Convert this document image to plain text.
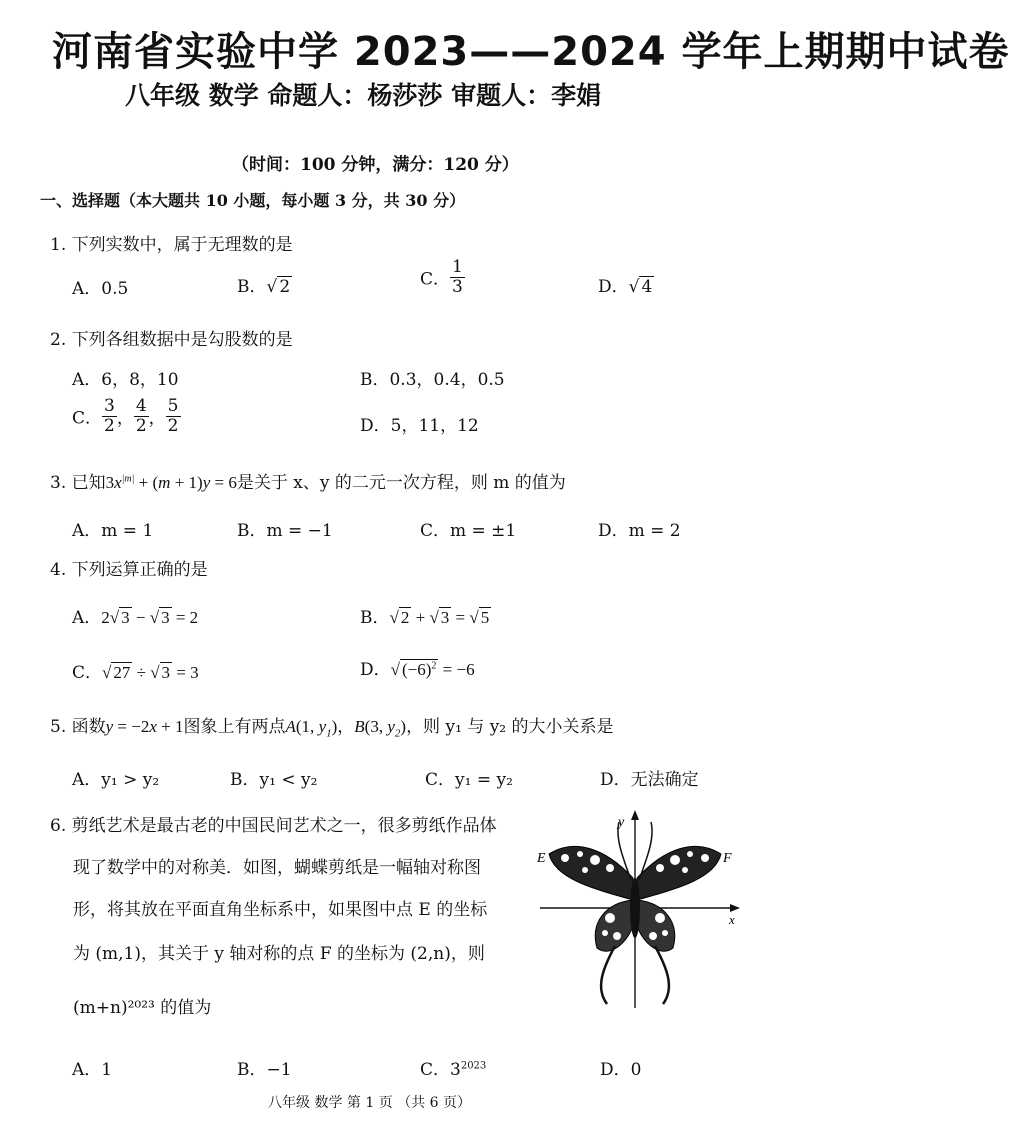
河南省实验中学 2023——2024 学年上期期中试卷
八年级 数学 命题人：杨莎莎 审题人：李娟
（时间：100 分钟，满分：120 分）
一、选择题（本大题共 10 小题，每小题 3 分，共 30 分）
1. 下列实数中，属于无理数的是
A．0.5	B．√ 2	C． $\frac{1}{3}$	D．√ 4
2. 下列各组数据中是勾股数的是
A．6，8，10	B．0.3，0.4，0.5
C． $\frac{3}{2}$ ， $\frac{4}{2}$ ， $\frac{5}{2}$	D．5，11，12
3. 已知$3x^{|m|} + (m + 1)y = 6$是关于 x、y 的二元一次方程，则 m 的值为
A．m = 1	B．m = −1	C．m = ±1	D．m = 2
4. 下列运算正确的是
A．2√ 3 − √ 3 = 2	B．√ 2 + √ 3 = √ 5
C．√ 27 ÷ √ 3 = 3	D．√ $(-6)^2 = -6$
5. 函数y = −2x + 1图象上有两点A(1, $y_1$)，B(3, $y_2$)，则 y₁ 与 y₂ 的大小关系是
A．y₁ > y₂	B．y₁ < y₂	C．y₁ = y₂	D．无法确定
6. 剪纸艺术是最古老的中国民间艺术之一，很多剪纸作品体
现了数学中的对称美．如图，蝴蝶剪纸是一幅轴对称图
形，将其放在平面直角坐标系中，如果图中点 E 的坐标
为 (m,1)，其关于 y 轴对称的点 F 的坐标为 (2,n)，则
(m+n)²⁰²³ 的值为
y
x
E	F
A．1	B．−1	C．$3^{2023}$	D．0
八年级 数学 第 1 页 （共 6 页）
